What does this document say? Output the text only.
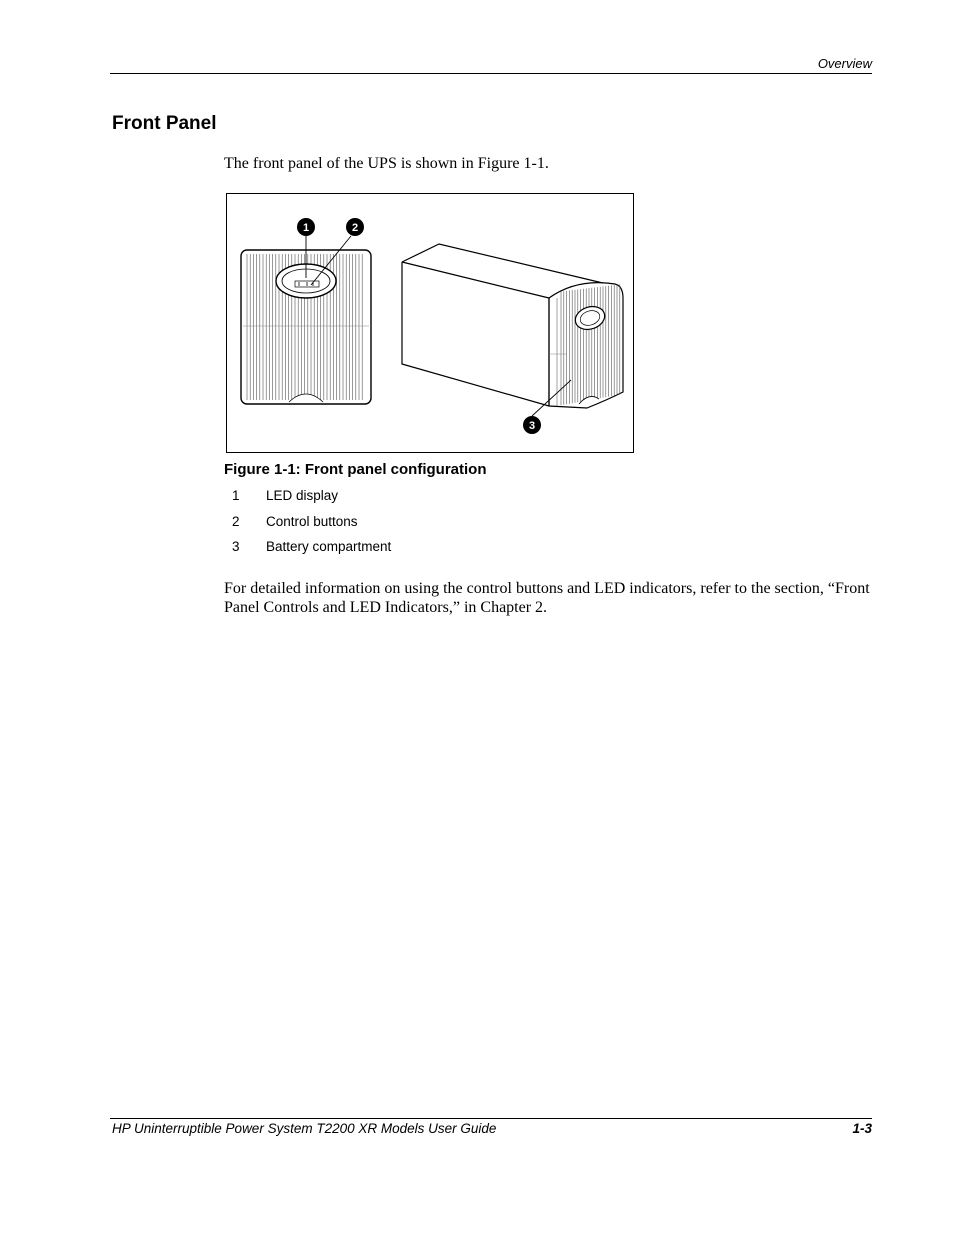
Overview
Front Panel

The front panel of the UPS is shown in Figure 1-1.

1	2
3

Figure 1-1: Front panel configuration

1	LED display
2	Control buttons
3	Battery compartment

For detailed information on using the control buttons and LED indicators, refer to the section, “Front Panel Controls and LED Indicators,” in Chapter 2.

HP Uninterruptible Power System T2200 XR Models User Guide	1-3
